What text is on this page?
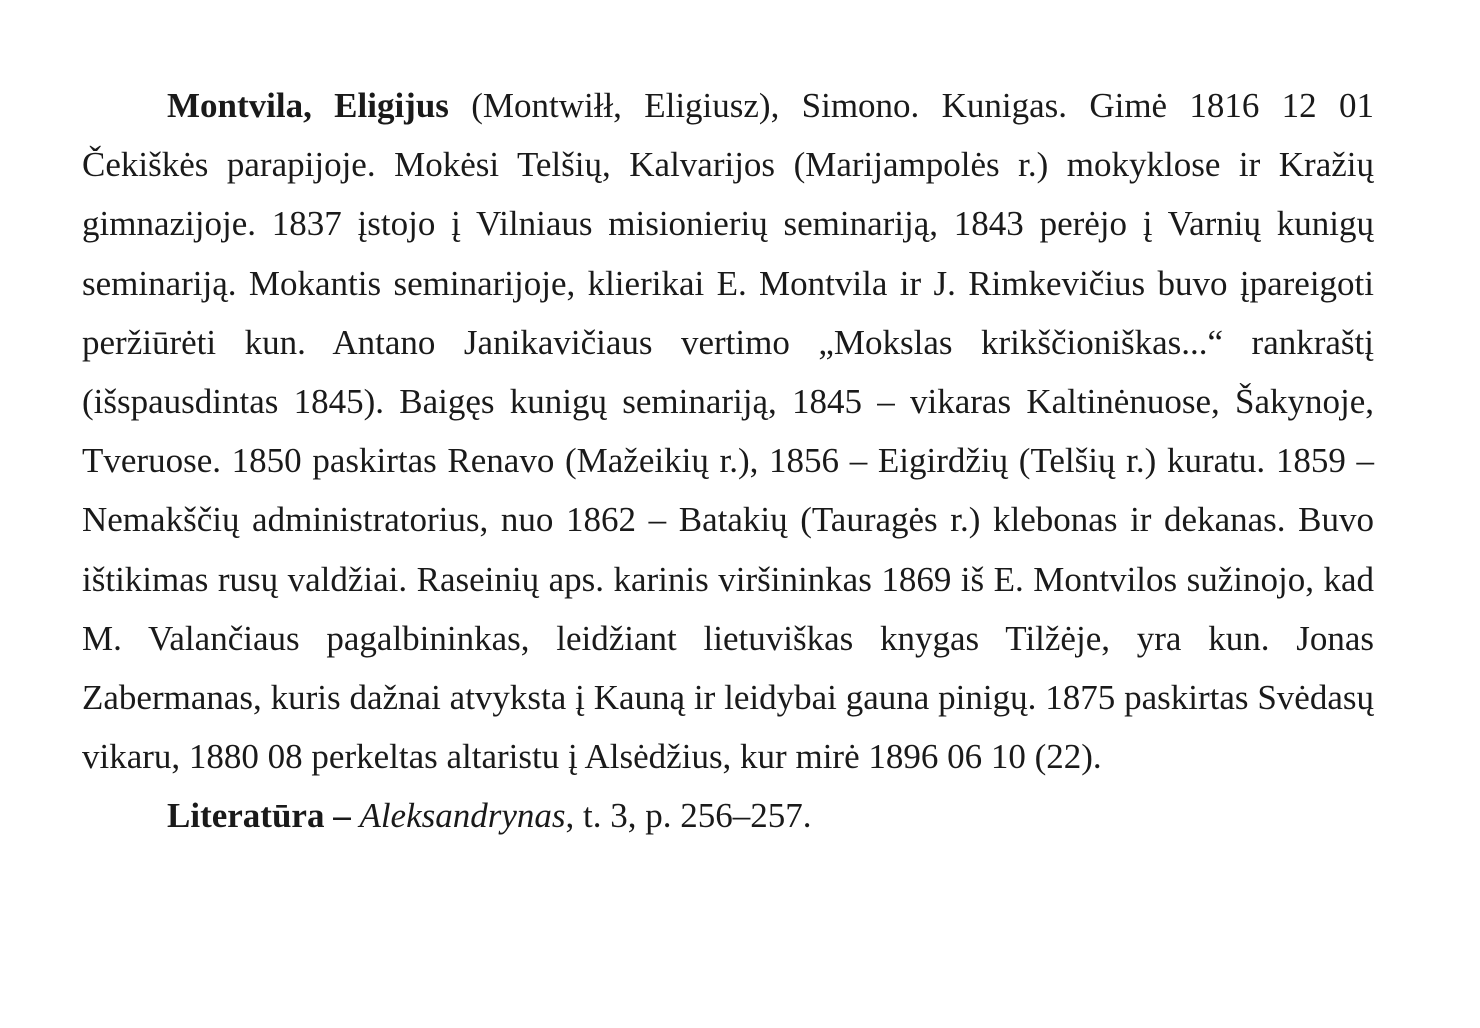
Montvila, Eligijus (Montwiłł, Eligiusz), Simono. Kunigas. Gimė 1816 12 01 Čekiškės parapijoje. Mokėsi Telšių, Kalvarijos (Marijampolės r.) mokyklose ir Kražių gimnazijoje. 1837 įstojo į Vilniaus misionierių seminariją, 1843 perėjo į Varnių kunigų seminariją. Mokantis seminarijoje, klierikai E. Montvila ir J. Rimkevičius buvo įpareigoti peržiūrėti kun. Antano Janikavičiaus vertimo „Mokslas krikščioniškas...“ rankraštį (išspausdintas 1845). Baigęs kunigų seminariją, 1845 – vikaras Kaltinėnuose, Šakynoje, Tveruose. 1850 paskirtas Renavo (Mažeikių r.), 1856 – Eigirdžių (Telšių r.) kuratu. 1859 – Nemakščių administratorius, nuo 1862 – Batakių (Tauragės r.) klebonas ir dekanas. Buvo ištikimas rusų valdžiai. Raseinių aps. karinis viršininkas 1869 iš E. Montvilos sužinojo, kad M. Valančiaus pagalbininkas, leidžiant lietuviškas knygas Tilžėje, yra kun. Jonas Zabermanas, kuris dažnai atvyksta į Kauną ir leidybai gauna pinigų. 1875 paskirtas Svėdasų vikaru, 1880 08 perkeltas altaristu į Alsėdžius, kur mirė 1896 06 10 (22).

Literatūra – Aleksandrynas, t. 3, p. 256–257.
